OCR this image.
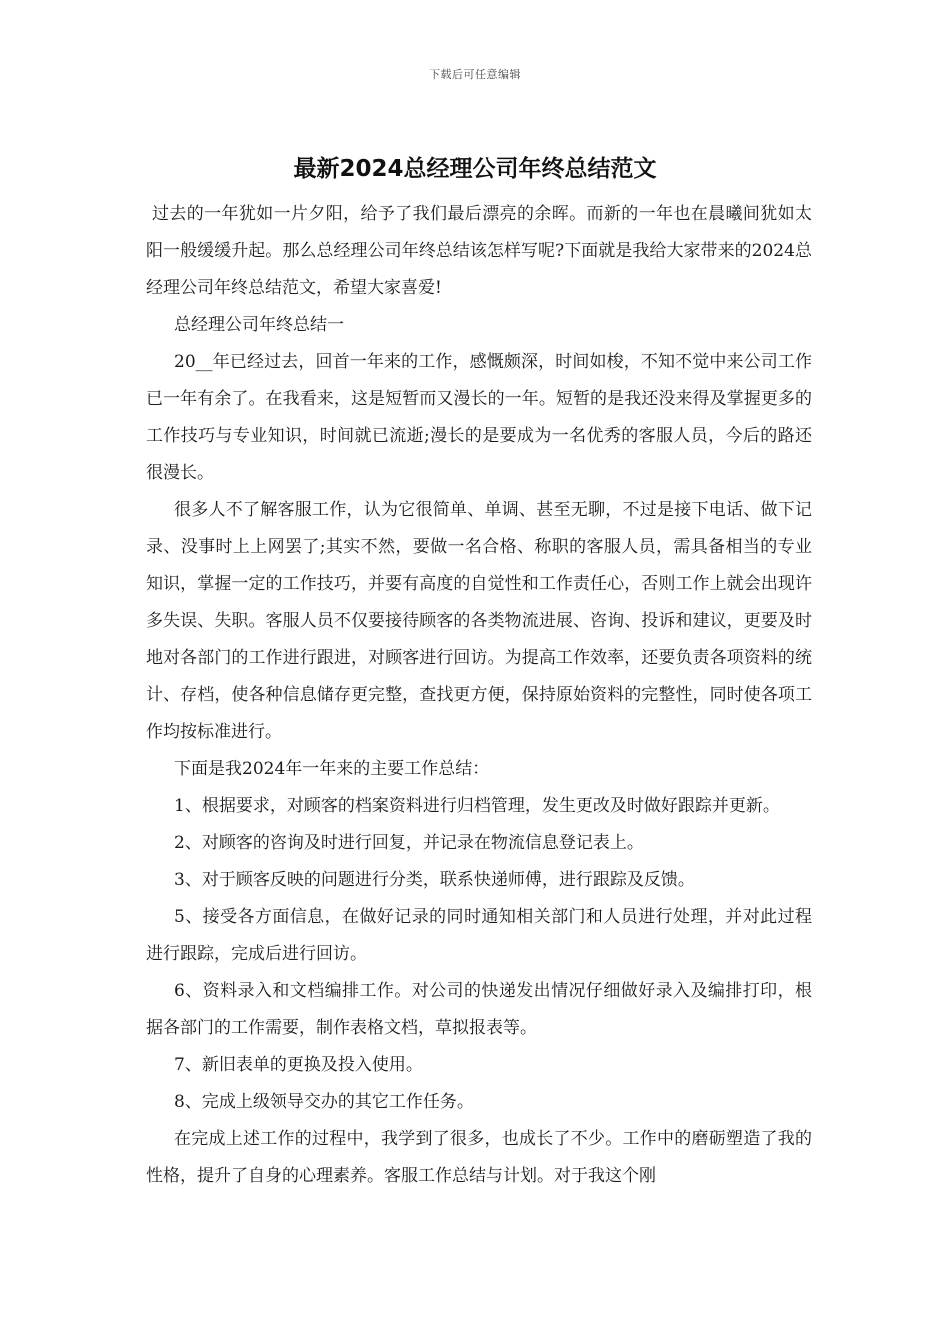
下载后可任意编辑
最新2024总经理公司年终总结范文

过去的一年犹如一片夕阳，给予了我们最后漂亮的余晖。而新的一年也在晨曦间犹如太阳一般缓缓升起。那么总经理公司年终总结该怎样写呢?下面就是我给大家带来的2024总经理公司年终总结范文，希望大家喜爱!

总经理公司年终总结一

20__年已经过去，回首一年来的工作，感慨颇深，时间如梭，不知不觉中来公司工作已一年有余了。在我看来，这是短暂而又漫长的一年。短暂的是我还没来得及掌握更多的工作技巧与专业知识，时间就已流逝;漫长的是要成为一名优秀的客服人员，今后的路还很漫长。

很多人不了解客服工作，认为它很简单、单调、甚至无聊，不过是接下电话、做下记录、没事时上上网罢了;其实不然，要做一名合格、称职的客服人员，需具备相当的专业知识，掌握一定的工作技巧，并要有高度的自觉性和工作责任心，否则工作上就会出现许多失误、失职。客服人员不仅要接待顾客的各类物流进展、咨询、投诉和建议，更要及时地对各部门的工作进行跟进，对顾客进行回访。为提高工作效率，还要负责各项资料的统计、存档，使各种信息储存更完整，查找更方便，保持原始资料的完整性，同时使各项工作均按标准进行。

下面是我2024年一年来的主要工作总结：

1、根据要求，对顾客的档案资料进行归档管理，发生更改及时做好跟踪并更新。

2、对顾客的咨询及时进行回复，并记录在物流信息登记表上。

3、对于顾客反映的问题进行分类，联系快递师傅，进行跟踪及反馈。

5、接受各方面信息，在做好记录的同时通知相关部门和人员进行处理，并对此过程进行跟踪，完成后进行回访。

6、资料录入和文档编排工作。对公司的快递发出情况仔细做好录入及编排打印，根据各部门的工作需要，制作表格文档，草拟报表等。

7、新旧表单的更换及投入使用。

8、完成上级领导交办的其它工作任务。

在完成上述工作的过程中，我学到了很多，也成长了不少。工作中的磨砺塑造了我的性格，提升了自身的心理素养。客服工作总结与计划。对于我这个刚
